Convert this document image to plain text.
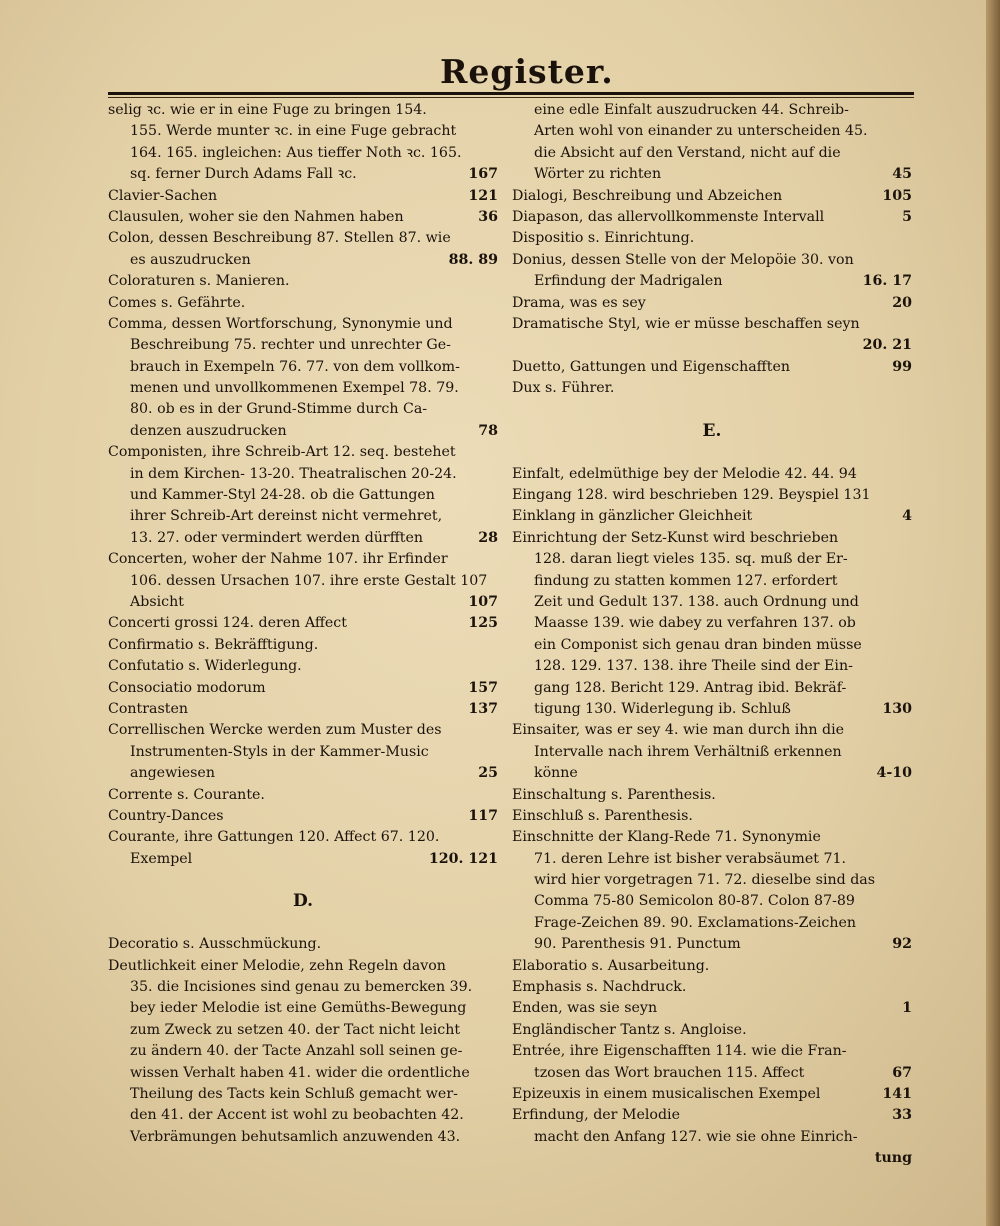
Register.
selig ꝛc. wie er in eine Fuge zu bringen 154.
155. Werde munter ꝛc. in eine Fuge gebracht
164. 165. ingleichen: Aus tieffer Noth ꝛc. 165.
sq. ferner Durch Adams Fall ꝛc.	167
Clavier-Sachen	121
Clausulen, woher sie den Nahmen haben	36
Colon, dessen Beschreibung 87. Stellen 87. wie
es auszudrucken	88. 89
Coloraturen s. Manieren.
Comes s. Gefährte.
Comma, dessen Wortforschung, Synonymie und
Beschreibung 75. rechter und unrechter Ge-
brauch in Exempeln 76. 77. von dem vollkom-
menen und unvollkommenen Exempel 78. 79.
80. ob es in der Grund-Stimme durch Ca-
denzen auszudrucken	78
Componisten, ihre Schreib-Art 12. seq. bestehet
in dem Kirchen- 13-20. Theatralischen 20-24.
und Kammer-Styl 24-28. ob die Gattungen
ihrer Schreib-Art dereinst nicht vermehret,
13. 27. oder vermindert werden dürfften	28
Concerten, woher der Nahme 107. ihr Erfinder
106. dessen Ursachen 107. ihre erste Gestalt 107
Absicht	107
Concerti grossi 124. deren Affect	125
Confirmatio s. Bekräfftigung.
Confutatio s. Widerlegung.
Consociatio modorum	157
Contrasten	137
Correllischen Wercke werden zum Muster des
Instrumenten-Styls in der Kammer-Music
angewiesen	25
Corrente s. Courante.
Country-Dances	117
Courante, ihre Gattungen 120. Affect 67. 120.
Exempel	120. 121
D.
Decoratio s. Ausschmückung.
Deutlichkeit einer Melodie, zehn Regeln davon
35. die Incisiones sind genau zu bemercken 39.
bey ieder Melodie ist eine Gemüths-Bewegung
zum Zweck zu setzen 40. der Tact nicht leicht
zu ändern 40. der Tacte Anzahl soll seinen ge-
wissen Verhalt haben 41. wider die ordentliche
Theilung des Tacts kein Schluß gemacht wer-
den 41. der Accent ist wohl zu beobachten 42.
Verbrämungen behutsamlich anzuwenden 43.
eine edle Einfalt auszudrucken 44. Schreib-
Arten wohl von einander zu unterscheiden 45.
die Absicht auf den Verstand, nicht auf die
Wörter zu richten	45
Dialogi, Beschreibung und Abzeichen	105
Diapason, das allervollkommenste Intervall	5
Dispositio s. Einrichtung.
Donius, dessen Stelle von der Melopöie 30. von
Erfindung der Madrigalen	16. 17
Drama, was es sey	20
Dramatische Styl, wie er müsse beschaffen seyn
20. 21
Duetto, Gattungen und Eigenschafften	99
Dux s. Führer.
E.
Einfalt, edelmüthige bey der Melodie 42. 44. 94
Eingang 128. wird beschrieben 129. Beyspiel 131
Einklang in gänzlicher Gleichheit	4
Einrichtung der Setz-Kunst wird beschrieben
128. daran liegt vieles 135. sq. muß der Er-
findung zu statten kommen 127. erfordert
Zeit und Gedult 137. 138. auch Ordnung und
Maasse 139. wie dabey zu verfahren 137. ob
ein Componist sich genau dran binden müsse
128. 129. 137. 138. ihre Theile sind der Ein-
gang 128. Bericht 129. Antrag ibid. Bekräf-
tigung 130. Widerlegung ib. Schluß	130
Einsaiter, was er sey 4. wie man durch ihn die
Intervalle nach ihrem Verhältniß erkennen
könne	4-10
Einschaltung s. Parenthesis.
Einschluß s. Parenthesis.
Einschnitte der Klang-Rede 71. Synonymie
71. deren Lehre ist bisher verabsäumet 71.
wird hier vorgetragen 71. 72. dieselbe sind das
Comma 75-80 Semicolon 80-87. Colon 87-89
Frage-Zeichen 89. 90. Exclamations-Zeichen
90. Parenthesis 91. Punctum	92
Elaboratio s. Ausarbeitung.
Emphasis s. Nachdruck.
Enden, was sie seyn	1
Engländischer Tantz s. Angloise.
Entrée, ihre Eigenschafften 114. wie die Fran-
tzosen das Wort brauchen 115. Affect	67
Epizeuxis in einem musicalischen Exempel	141
Erfindung, der Melodie	33
macht den Anfang 127. wie sie ohne Einrich-
tung
